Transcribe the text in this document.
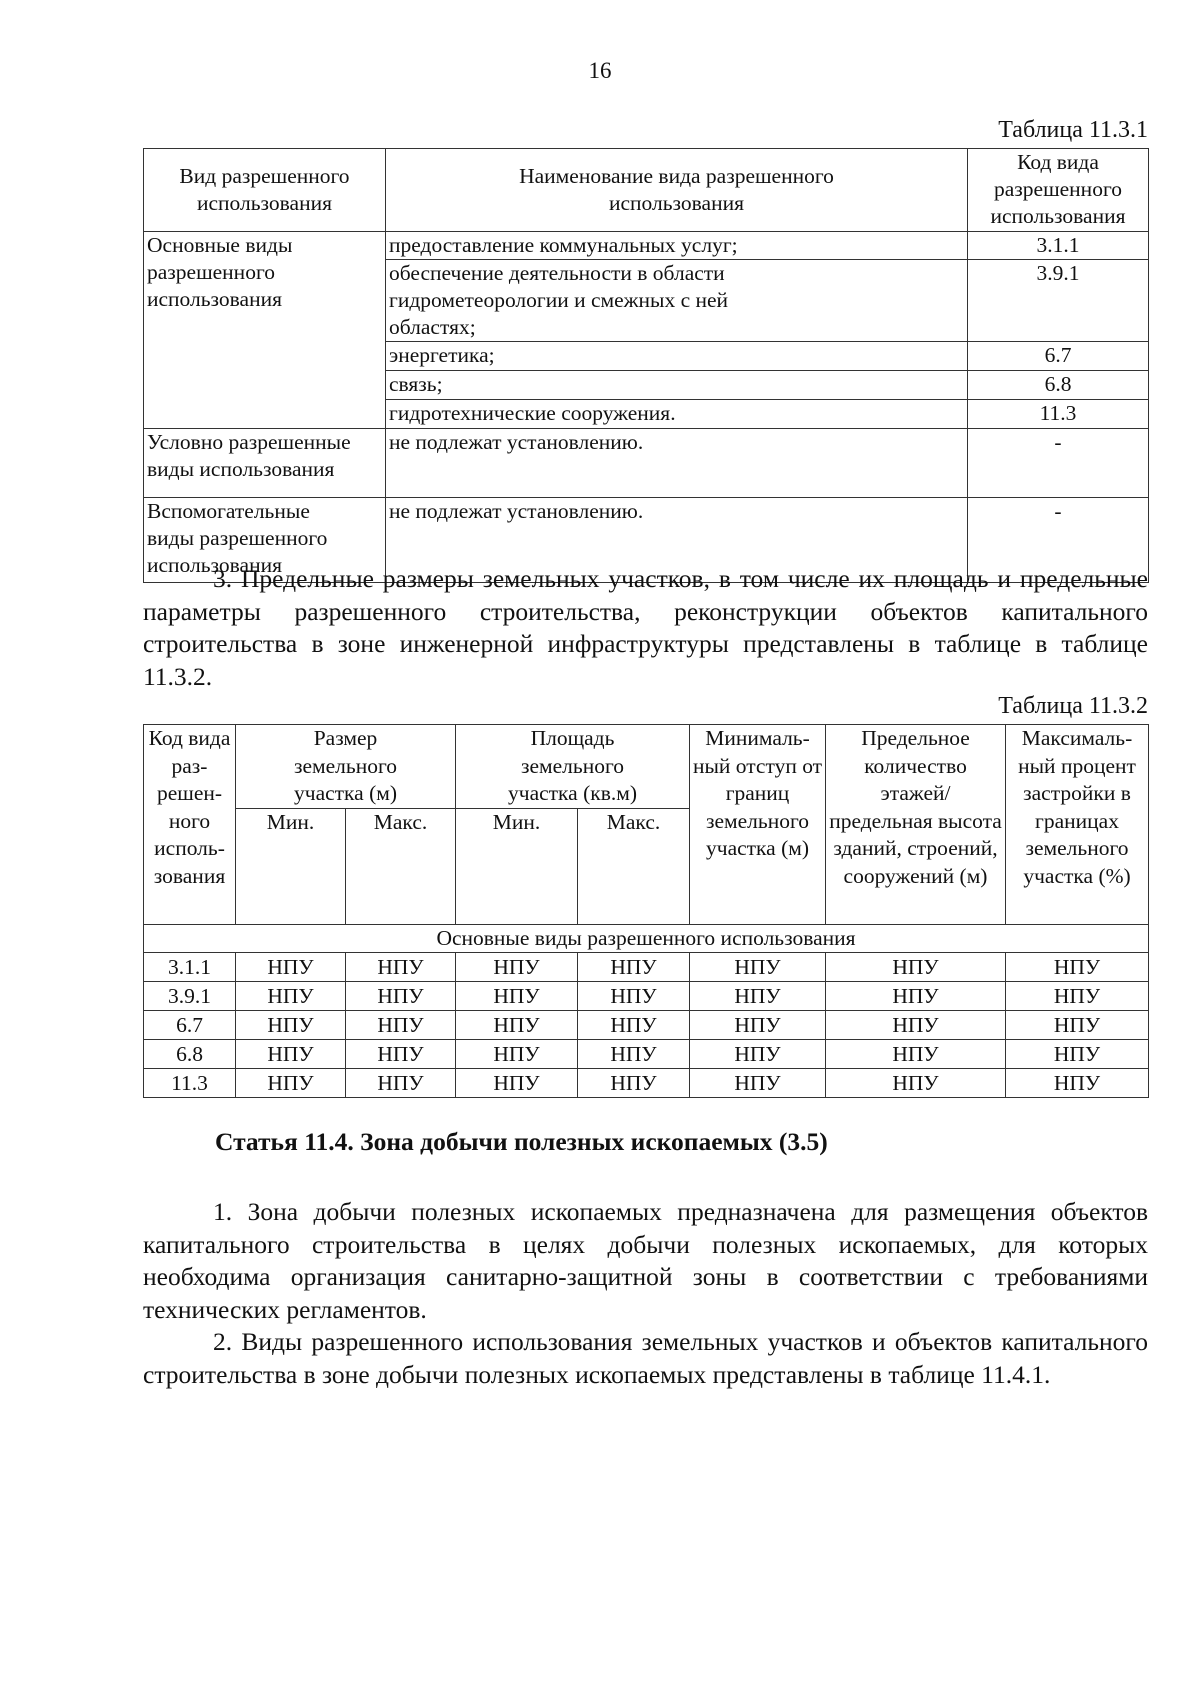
16
Таблица 11.3.1
Вид разрешенного использования	Наименование вида разрешенного использования	Код вида разрешенного использования
Основные виды разрешенного использования	предоставление коммунальных услуг;	3.1.1
	обеспечение деятельности в области гидрометеорологии и смежных с ней областях;	3.9.1
	энергетика;	6.7
	связь;	6.8
	гидротехнические сооружения.	11.3
Условно разрешенные виды использования	не подлежат установлению.	-
Вспомогательные виды разрешенного использования	не подлежат установлению.	-

3. Предельные размеры земельных участков, в том числе их площадь и предельные параметры разрешенного строительства, реконструкции объектов капитального строительства в зоне инженерной инфраструктуры представлены в таблице в таблице 11.3.2.

Таблица 11.3.2
Код вида раз-решен-ного исполь-зования	Размер земельного участка (м)		Площадь земельного участка (кв.м)		Минималь-ный отступ от границ земельного участка (м)	Предельное количество этажей/ предельная высота зданий, строений, сооружений (м)	Максималь-ный процент застройки в границах земельного участка (%)
	Мин.	Макс.	Мин.	Макс.			
Основные виды разрешенного использования							
3.1.1	НПУ	НПУ	НПУ	НПУ	НПУ	НПУ	НПУ
3.9.1	НПУ	НПУ	НПУ	НПУ	НПУ	НПУ	НПУ
6.7	НПУ	НПУ	НПУ	НПУ	НПУ	НПУ	НПУ
6.8	НПУ	НПУ	НПУ	НПУ	НПУ	НПУ	НПУ
11.3	НПУ	НПУ	НПУ	НПУ	НПУ	НПУ	НПУ
Статья 11.4. Зона добычи полезных ископаемых (3.5)

1. Зона добычи полезных ископаемых предназначена для размещения объектов капитального строительства в целях добычи полезных ископаемых, для которых необходима организация санитарно-защитной зоны в соответствии с требованиями технических регламентов.

2. Виды разрешенного использования земельных участков и объектов капитального строительства в зоне добычи полезных ископаемых представлены в таблице 11.4.1.
